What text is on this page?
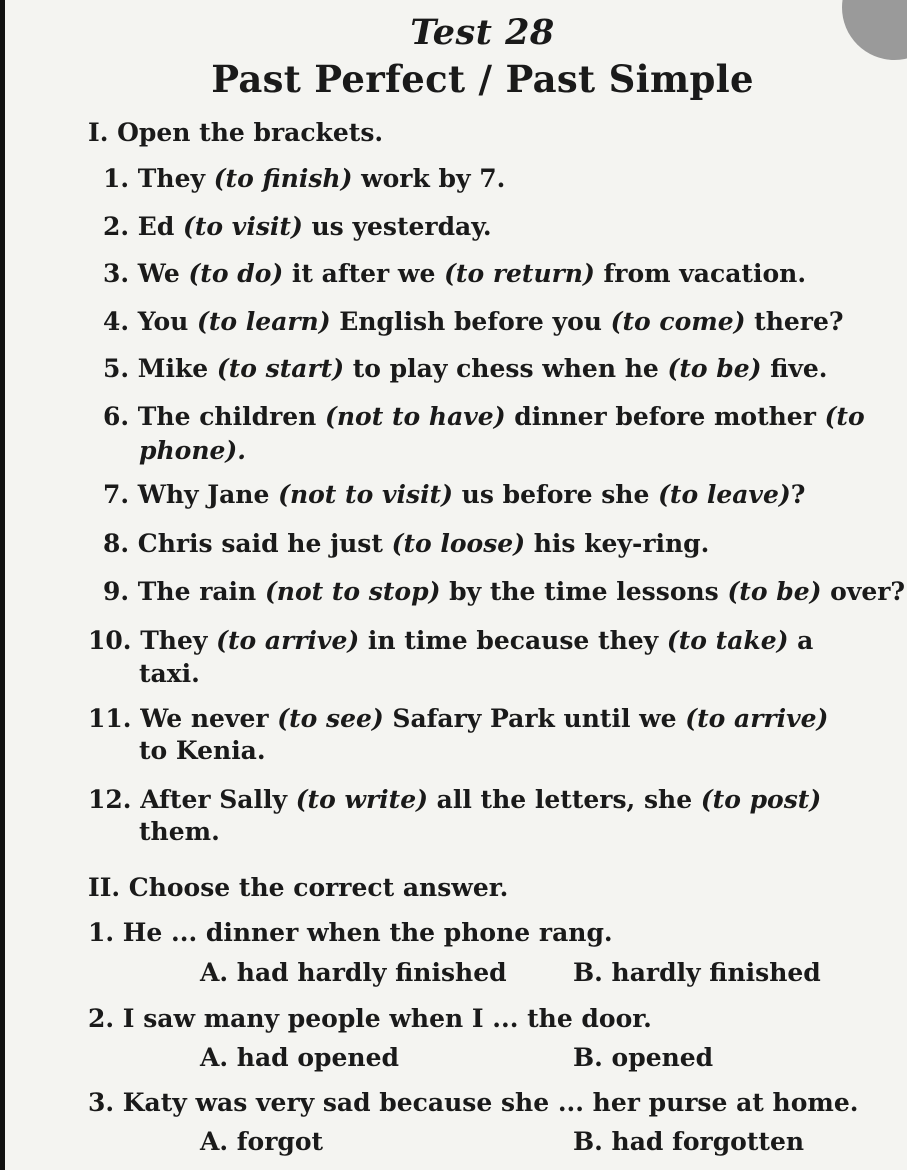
Test 28
Past Perfect / Past Simple
I. Open the brackets.
1. They (to finish) work by 7.
2. Ed (to visit) us yesterday.
3. We (to do) it after we (to return) from vacation.
4. You (to learn) English before you (to come) there?
5. Mike (to start) to play chess when he (to be) five.
6. The children (not to have) dinner before mother (to
phone).
7. Why Jane (not to visit) us before she (to leave)?
8. Chris said he just (to loose) his key-ring.
9. The rain (not to stop) by the time lessons (to be) over?
10. They (to arrive) in time because they (to take) a
taxi.
11. We never (to see) Safary Park until we (to arrive)
to Kenia.
12. After Sally (to write) all the letters, she (to post)
them.
II. Choose the correct answer.
1. He ... dinner when the phone rang.
A. had hardly finished	B. hardly finished
2. I saw many people when I ... the door.
A. had opened	B. opened
3. Katy was very sad because she ... her purse at home.
A. forgot	B. had forgotten
